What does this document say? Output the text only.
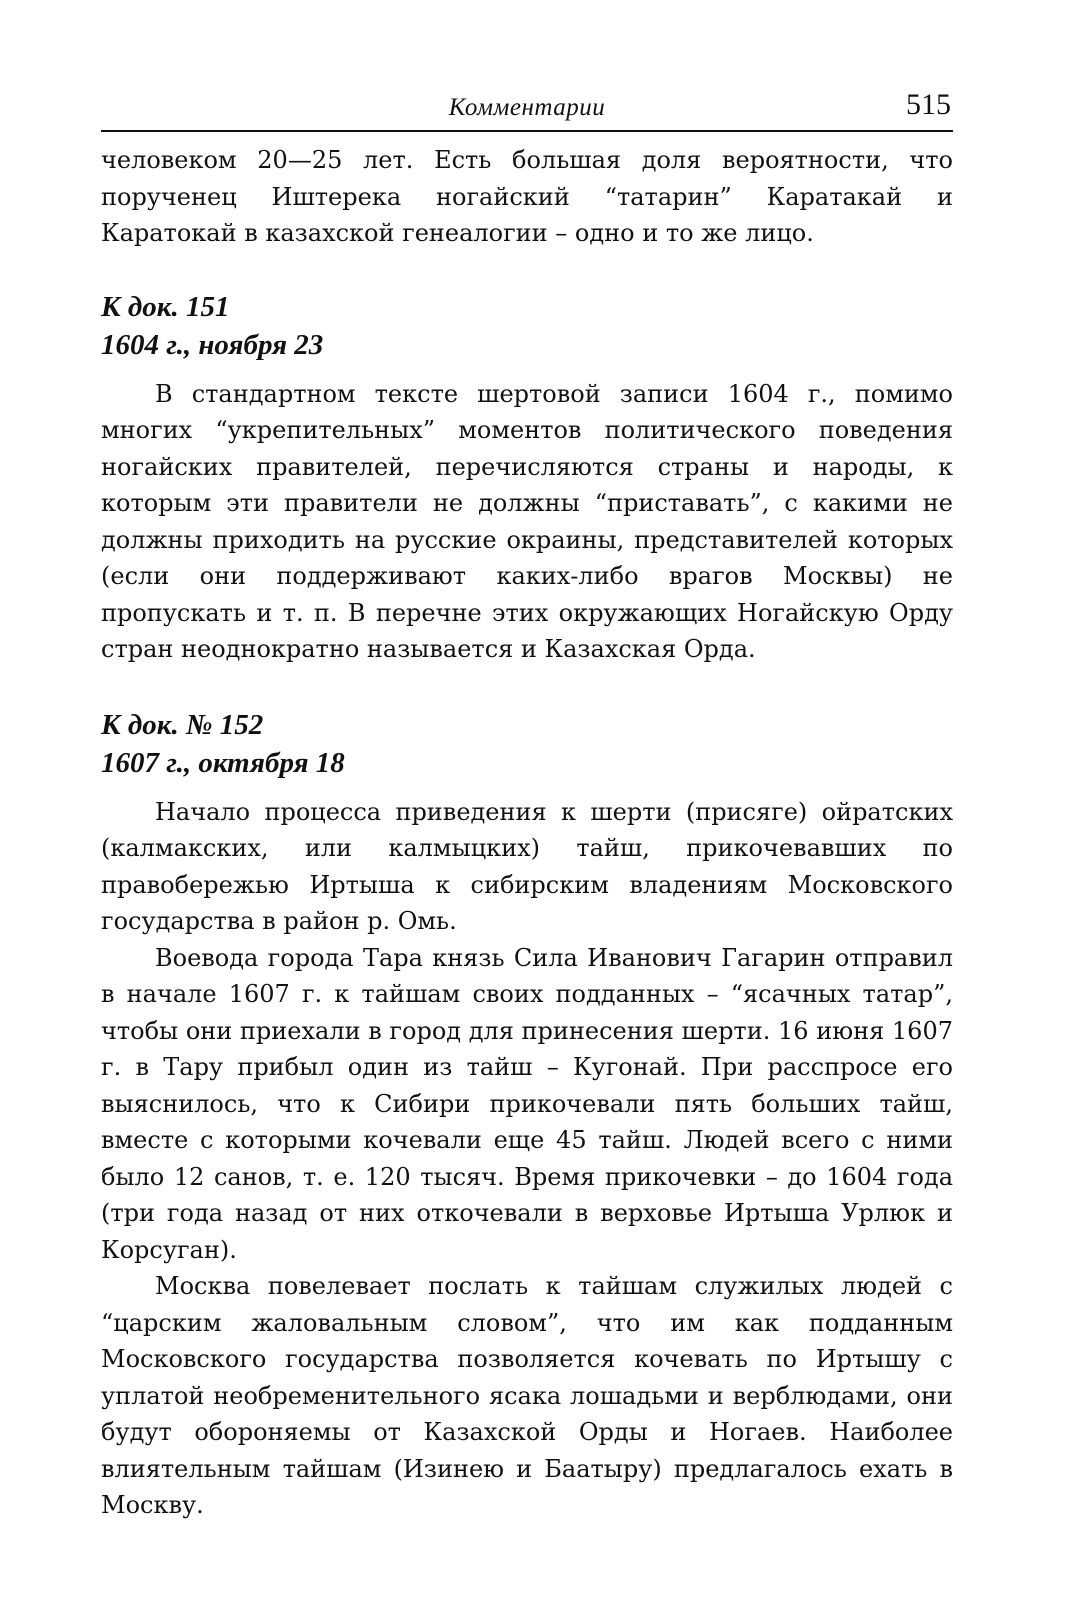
Комментарии	515

человеком 20—25 лет. Есть большая доля вероятности, что порученец Иштерека ногайский “татарин” Каратакай и Каратокай в казахской генеалогии – одно и то же лицо.

К док. 151
1604 г., ноября 23

В стандартном тексте шертовой записи 1604 г., помимо многих “укрепительных” моментов политического поведения ногайских правителей, перечисляются страны и народы, к которым эти правители не должны “приставать”, с какими не должны приходить на русские окраины, представителей которых (если они поддерживают каких-либо врагов Москвы) не пропускать и т. п. В перечне этих окружающих Ногайскую Орду стран неоднократно называется и Казахская Орда.

К док. № 152
1607 г., октября 18

Начало процесса приведения к шерти (присяге) ойратских (калмакских, или калмыцких) тайш, прикочевавших по правобережью Иртыша к сибирским владениям Московского государства в район р. Омь.

Воевода города Тара князь Сила Иванович Гагарин отправил в начале 1607 г. к тайшам своих подданных – “ясачных татар”, чтобы они приехали в город для принесения шерти. 16 июня 1607 г. в Тару прибыл один из тайш – Кугонай. При расспросе его выяснилось, что к Сибири прикочевали пять больших тайш, вместе с которыми кочевали еще 45 тайш. Людей всего с ними было 12 санов, т. е. 120 тысяч. Время прикочевки – до 1604 года (три года назад от них откочевали в верховье Иртыша Урлюк и Корсуган).

Москва повелевает послать к тайшам служилых людей с “царским жаловальным словом”, что им как подданным Московского государства позволяется кочевать по Иртышу с уплатой необременительного ясака лошадьми и верблюдами, они будут обороняемы от Казахской Орды и Ногаев. Наиболее влиятельным тайшам (Изинею и Баатыру) предлагалось ехать в Москву.
